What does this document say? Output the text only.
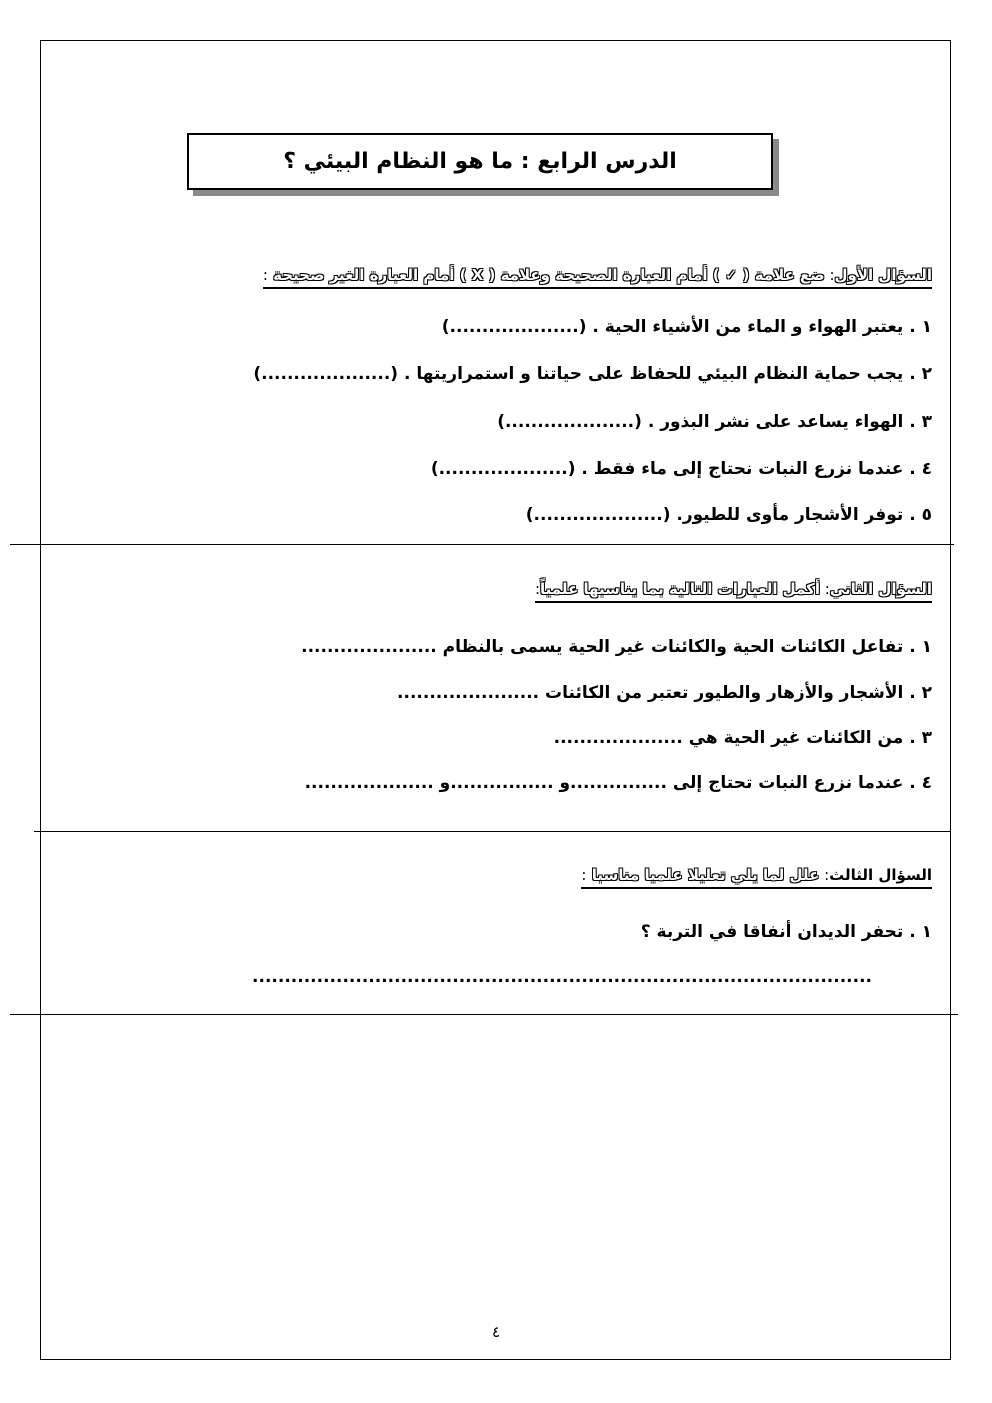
الدرس الرابع : ما هو النظام البيئي ؟
السؤال الأول: ضع علامة ( ✓ ) أمام العبارة الصحيحة وعلامة ( X ) أمام العبارة الغير صحيحة :
١ . يعتبر الهواء و الماء من الأشياء الحية . (....................)
٢ . يجب حماية النظام البيئي للحفاظ على حياتنا و استمراريتها . (....................)
٣ . الهواء يساعد على نشر البذور . (....................)
٤ . عندما نزرع النبات نحتاج إلى ماء فقط . (....................)
٥ . توفر الأشجار مأوى للطيور. (....................)
السؤال الثاني: أكمل العبارات التالية بما يناسبها علمياً:
١ . تفاعل الكائنات الحية والكائنات غير الحية يسمى بالنظام .....................
٢ . الأشجار والأزهار والطيور تعتبر من الكائنات ......................
٣ . من الكائنات غير الحية هي ....................
٤ . عندما نزرع النبات تحتاج إلى ...............و ................و ....................
السؤال الثالث: علل لما يلي تعليلا علميا مناسبا :
١ . تحفر الديدان أنفاقا في التربة ؟
................................................................................................
٤
